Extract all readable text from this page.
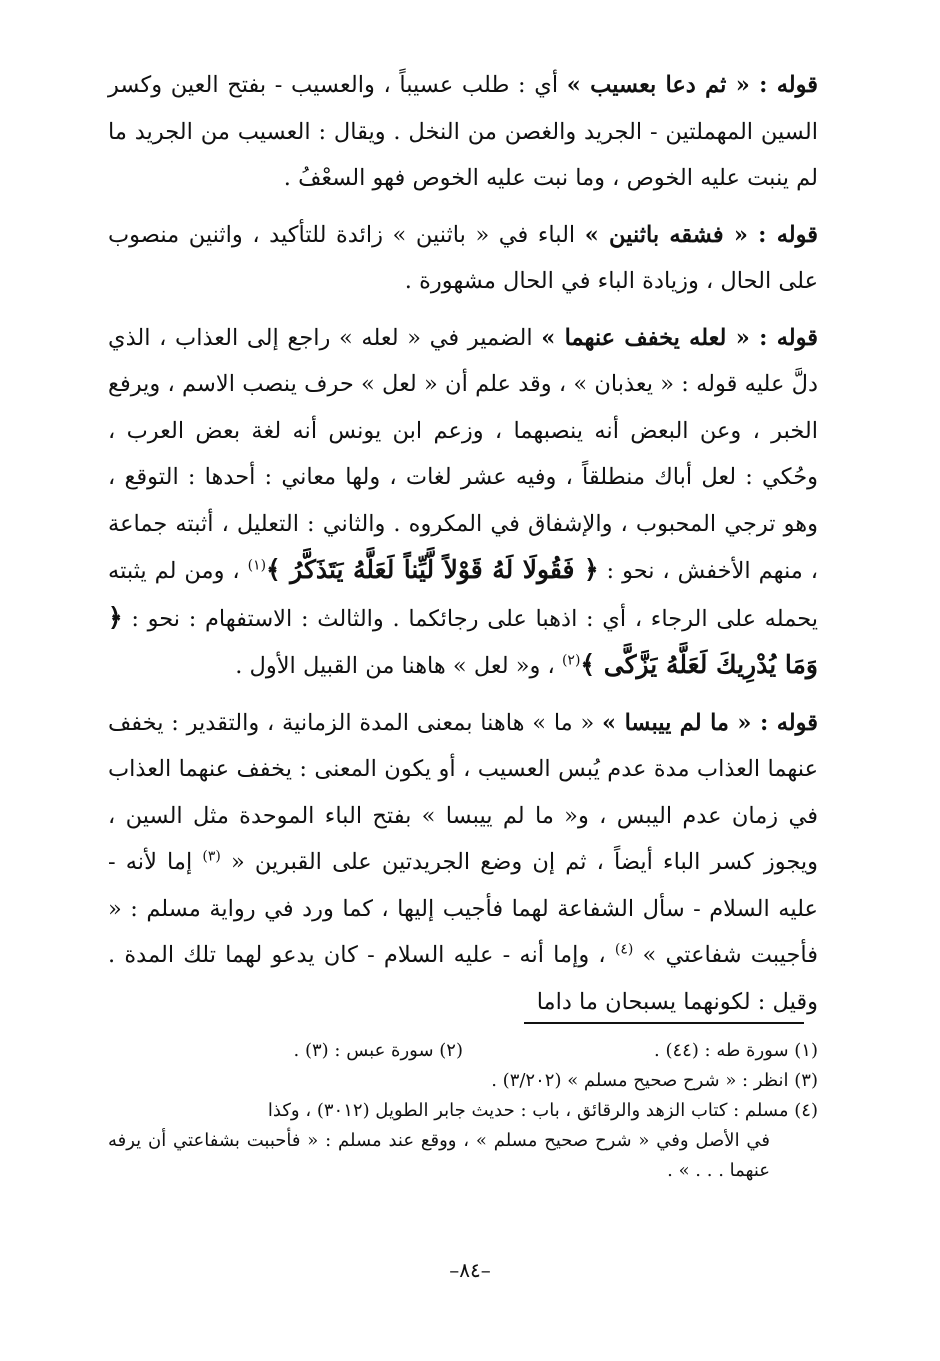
قوله : « ثم دعا بعسيب » أي : طلب عسيباً ، والعسيب - بفتح العين وكسر السين المهملتين - الجريد والغصن من النخل . ويقال : العسيب من الجريد ما لم ينبت عليه الخوص ، وما نبت عليه الخوص فهو السعْفُ .

قوله : « فشقه باثنين » الباء في « باثنين » زائدة للتأكيد ، واثنين منصوب على الحال ، وزيادة الباء في الحال مشهورة .

قوله : « لعله يخفف عنهما » الضمير في « لعله » راجع إلى العذاب ، الذي دلَّ عليه قوله : « يعذبان » ، وقد علم أن « لعل » حرف ينصب الاسم ، ويرفع الخبر ، وعن البعض أنه ينصبهما ، وزعم ابن يونس أنه لغة بعض العرب ، وحُكي : لعل أباك منطلقاً ، وفيه عشر لغات ، ولها معاني : أحدها : التوقع ، وهو ترجي المحبوب ، والإشفاق في المكروه . والثاني : التعليل ، أثبته جماعة ، منهم الأخفش ، نحو : ﴿ فَقُولَا لَهُ قَوْلاً لَّيِّناً لَعَلَّهُ يَتَذَكَّرُ ﴾$^{(١)}$ ، ومن لم يثبته يحمله على الرجاء ، أي : اذهبا على رجائكما . والثالث : الاستفهام : نحو : ﴿ وَمَا يُدْرِيكَ لَعَلَّهُ يَزَّكَّى ﴾$^{(٢)}$ ، و« لعل » هاهنا من القبيل الأول .

قوله : « ما لم ييبسا » « ما » هاهنا بمعنى المدة الزمانية ، والتقدير : يخفف عنهما العذاب مدة عدم يُبس العسيب ، أو يكون المعنى : يخفف عنهما العذاب في زمان عدم اليبس ، و« ما لم ييبسا » بفتح الباء الموحدة مثل السين ، ويجوز كسر الباء أيضاً ، ثم إن وضع الجريدتين على القبرين « $^{(٣)}$ إما لأنه - عليه السلام - سأل الشفاعة لهما فأجيب إليها ، كما ورد في رواية مسلم : « فأجيبت شفاعتي » $^{(٤)}$ ، وإما أنه - عليه السلام - كان يدعو لهما تلك المدة . وقيل : لكونهما يسبحان ما داما

(١) سورة طه : (٤٤) .
(٢) سورة عبس : (٣) .

(٣) انظر : « شرح صحيح مسلم » (٣/٢٠٢) .

(٤) مسلم : كتاب الزهد والرقائق ، باب : حديث جابر الطويل (٣٠١٢) ، وكذا

في الأصل وفي « شرح صحيح مسلم » ، ووقع عند مسلم : « فأحببت بشفاعتي أن يرفه عنهما . . . » .

–٨٤–
